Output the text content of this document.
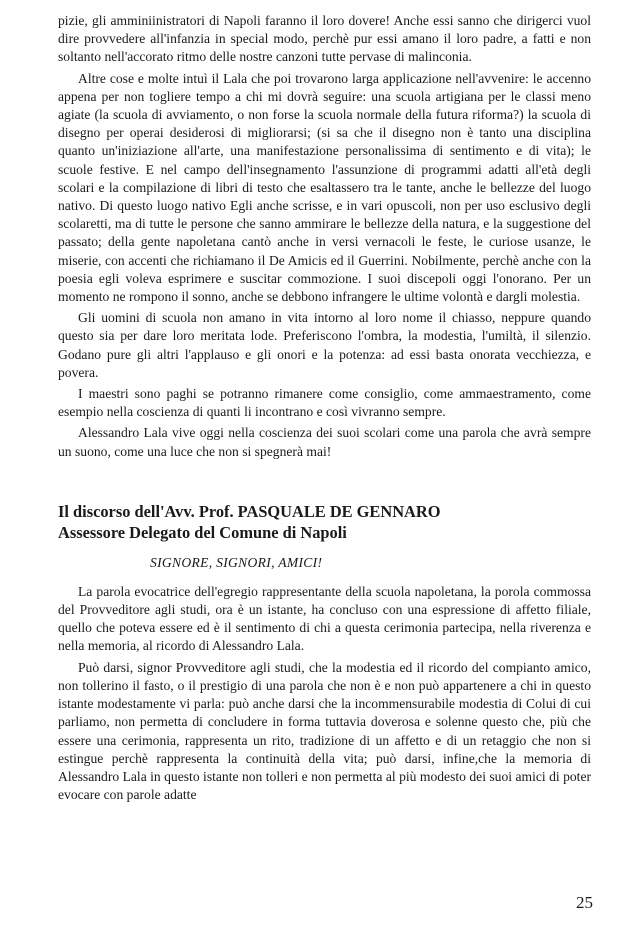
pizie, gli amminiinistratori di Napoli faranno il loro dovere! Anche essi sanno che dirigerci vuol dire provvedere all'infanzia in special modo, perchè pur essi amano il loro padre, a fatti e non soltanto nell'accorato ritmo delle nostre canzoni tutte pervase di malinconia.

Altre cose e molte intuì il Lala che poi trovarono larga applicazione nell'avvenire: le accenno appena per non togliere tempo a chi mi dovrà seguire: una scuola artigiana per le classi meno agiate (la scuola di avviamento, o non forse la scuola normale della futura riforma?) la scuola di disegno per operai desiderosi di migliorarsi; (si sa che il disegno non è tanto una disciplina quanto un'iniziazione all'arte, una manifestazione personalissima di sentimento e di vita); le scuole festive. E nel campo dell'insegnamento l'assunzione di programmi adatti all'età degli scolari e la compilazione di libri di testo che esaltassero tra le tante, anche le bellezze del luogo nativo. Di questo luogo nativo Egli anche scrisse, e in vari opuscoli, non per uso esclusivo degli scolaretti, ma di tutte le persone che sanno ammirare le bellezze della natura, e la suggestione del passato; della gente napoletana cantò anche in versi vernacoli le feste, le curiose usanze, le miserie, con accenti che richiamano il De Amicis ed il Guerrini. Nobilmente, perchè anche con la poesia egli voleva esprimere e suscitar commozione. I suoi discepoli oggi l'onorano. Per un momento ne rompono il sonno, anche se debbono infrangere le ultime volontà e dargli molestia.

Gli uomini di scuola non amano in vita intorno al loro nome il chiasso, neppure quando questo sia per dare loro meritata lode. Preferiscono l'ombra, la modestia, l'umiltà, il silenzio. Godano pure gli altri l'applauso e gli onori e la potenza: ad essi basta onorata vecchiezza, e povera.

I maestri sono paghi se potranno rimanere come consiglio, come ammaestramento, come esempio nella coscienza di quanti li incontrano e così vivranno sempre.

Alessandro Lala vive oggi nella coscienza dei suoi scolari come una parola che avrà sempre un suono, come una luce che non si spegnerà mai!

Il discorso dell'Avv. Prof. PASQUALE DE GENNARO
Assessore Delegato del Comune di Napoli
SIGNORE, SIGNORI, AMICI!

La parola evocatrice dell'egregio rappresentante della scuola napoletana, la porola commossa del Provveditore agli studi, ora è un istante, ha concluso con una espressione di affetto filiale, quello che poteva essere ed è il sentimento di chi a questa cerimonia partecipa, nella riverenza e nella memoria, al ricordo di Alessandro Lala.

Può darsi, signor Provveditore agli studi, che la modestia ed il ricordo del compianto amico, non tollerino il fasto, o il prestigio di una parola che non è e non può appartenere a chi in questo istante modestamente vi parla: può anche darsi che la incommensurabile modestia di Colui di cui parliamo, non permetta di concludere in forma tuttavia doverosa e solenne questo che, più che essere una cerimonia, rappresenta un rito, tradizione di un affetto e di un retaggio che non si estingue perchè rappresenta la continuità della vita; può darsi, infine,che la memoria di Alessandro Lala in questo istante non tolleri e non permetta al più modesto dei suoi amici di poter evocare con parole adatte

25
